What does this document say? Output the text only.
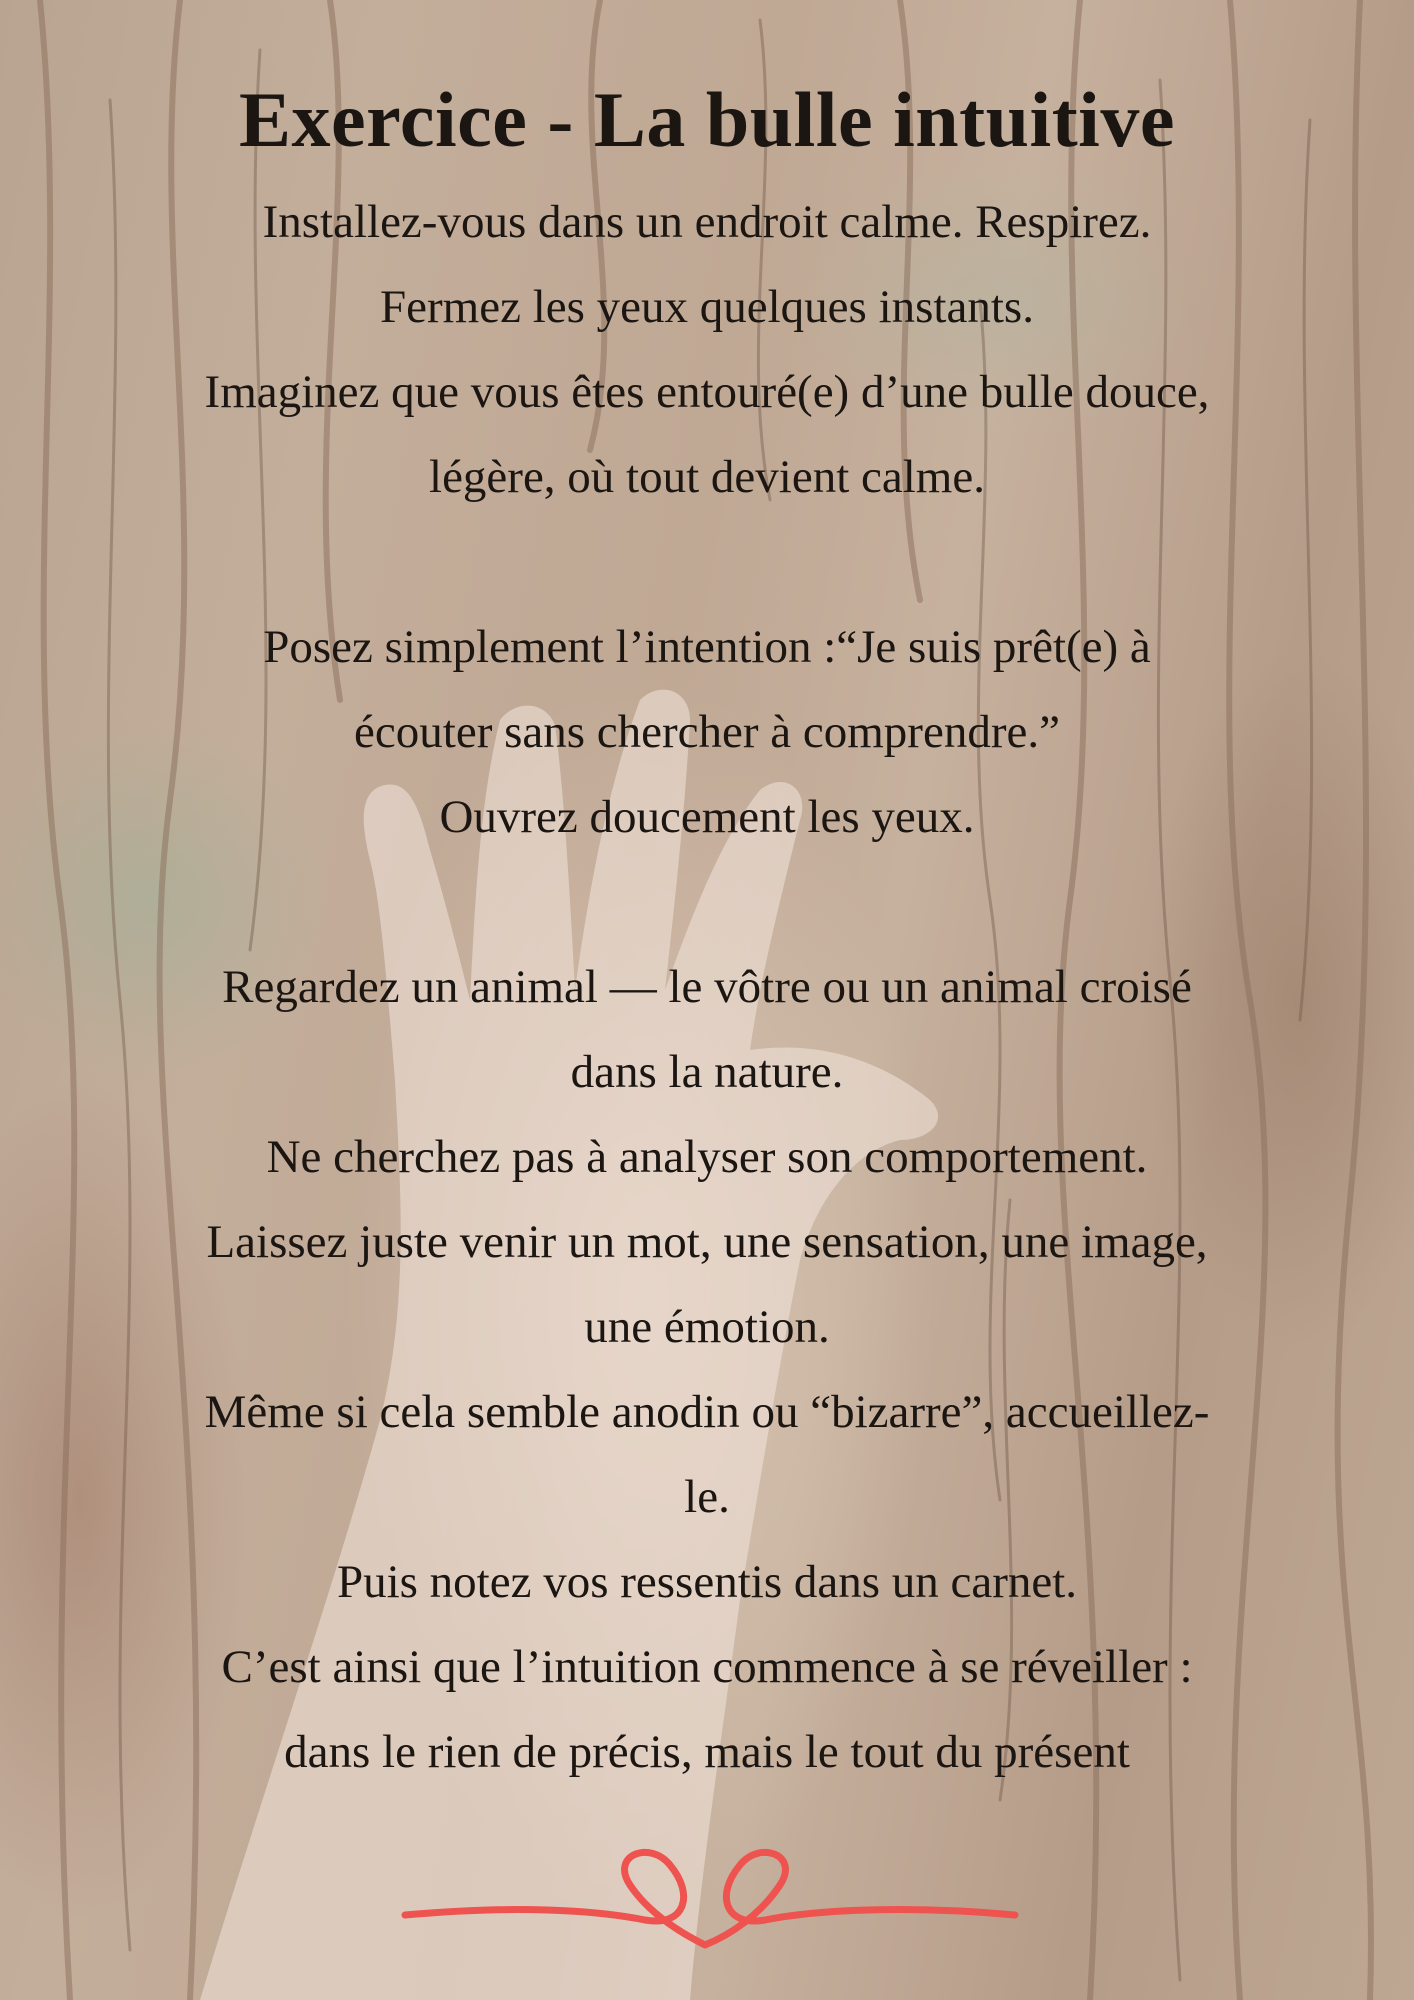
Exercice - La bulle intuitive
Installez-vous dans un endroit calme. Respirez.
Fermez les yeux quelques instants.
Imaginez que vous êtes entouré(e) d’une bulle douce,
légère, où tout devient calme.
Posez simplement l’intention :“Je suis prêt(e) à
écouter sans chercher à comprendre.”
Ouvrez doucement les yeux.
Regardez un animal — le vôtre ou un animal croisé
dans la nature.
Ne cherchez pas à analyser son comportement.
Laissez juste venir un mot, une sensation, une image,
une émotion.
Même si cela semble anodin ou “bizarre”, accueillez-
le.
Puis notez vos ressentis dans un carnet.
C’est ainsi que l’intuition commence à se réveiller :
dans le rien de précis, mais le tout du présent
